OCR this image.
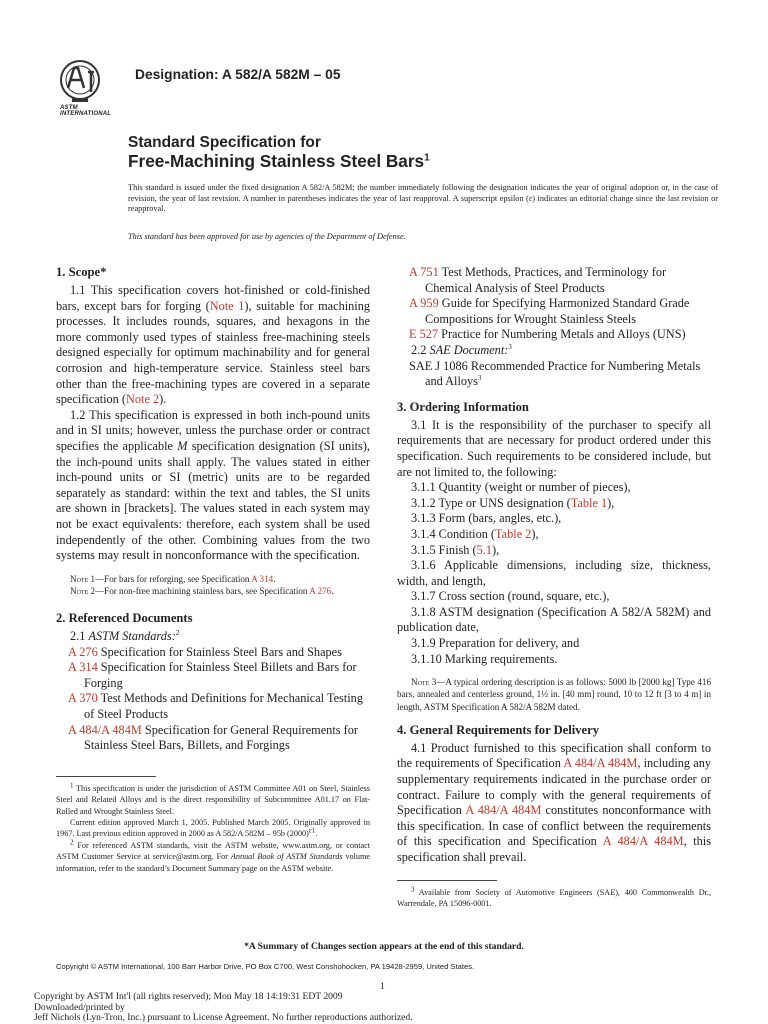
ASTM INTERNATIONAL
Designation: A 582/A 582M – 05
Standard Specification for
Free-Machining Stainless Steel Bars$^1$
This standard is issued under the fixed designation A 582/A 582M; the number immediately following the designation indicates the year of original adoption or, in the case of revision, the year of last revision. A number in parentheses indicates the year of last reapproval. A superscript epsilon (ε) indicates an editorial change since the last revision or reapproval.
This standard has been approved for use by agencies of the Department of Defense.
1. Scope*

1.1 This specification covers hot-finished or cold-finished bars, except bars for forging (Note 1), suitable for machining processes. It includes rounds, squares, and hexagons in the more commonly used types of stainless free-machining steels designed especially for optimum machinability and for general corrosion and high-temperature service. Stainless steel bars other than the free-machining types are covered in a separate specification (Note 2).

1.2 This specification is expressed in both inch-pound units and in SI units; however, unless the purchase order or contract specifies the applicable M specification designation (SI units), the inch-pound units shall apply. The values stated in either inch-pound units or SI (metric) units are to be regarded separately as standard: within the text and tables, the SI units are shown in [brackets]. The values stated in each system may not be exact equivalents: therefore, each system shall be used independently of the other. Combining values from the two systems may result in nonconformance with the specification.

Note 1—For bars for reforging, see Specification A 314.

Note 2—For non-free machining stainless bars, see Specification A 276.

2. Referenced Documents

2.1 ASTM Standards:$^2$

A 276 Specification for Stainless Steel Bars and Shapes

A 314 Specification for Stainless Steel Billets and Bars for Forging

A 370 Test Methods and Definitions for Mechanical Testing of Steel Products

A 484/A 484M Specification for General Requirements for Stainless Steel Bars, Billets, and Forgings

$^1$ This specification is under the jurisdiction of ASTM Committee A01 on Steel, Stainless Steel and Related Alloys and is the direct responsibility of Subcommittee A01.17 on Flat-Rolled and Wrought Stainless Steel.

Current edition approved March 1, 2005. Published March 2005. Originally approved in 1967. Last previous edition approved in 2000 as A 582/A 582M – 95b $(2000)^{\varepsilon 1}$.

$^2$ For referenced ASTM standards, visit the ASTM website, www.astm.org, or contact ASTM Customer Service at service@astm.org. For Annual Book of ASTM Standards volume information, refer to the standard’s Document Summary page on the ASTM website.

A 751 Test Methods, Practices, and Terminology for Chemical Analysis of Steel Products

A 959 Guide for Specifying Harmonized Standard Grade Compositions for Wrought Stainless Steels

E 527 Practice for Numbering Metals and Alloys (UNS)

2.2 SAE Document:$^3$

SAE J 1086 Recommended Practice for Numbering Metals and Alloys$^3$

3. Ordering Information

3.1 It is the responsibility of the purchaser to specify all requirements that are necessary for product ordered under this specification. Such requirements to be considered include, but are not limited to, the following:

3.1.1 Quantity (weight or number of pieces),

3.1.2 Type or UNS designation (Table 1),

3.1.3 Form (bars, angles, etc.),

3.1.4 Condition (Table 2),

3.1.5 Finish (5.1),

3.1.6 Applicable dimensions, including size, thickness, width, and length,

3.1.7 Cross section (round, square, etc.),

3.1.8 ASTM designation (Specification A 582/A 582M) and publication date,

3.1.9 Preparation for delivery, and

3.1.10 Marking requirements.

Note 3—A typical ordering description is as follows: 5000 lb [2000 kg] Type 416 bars, annealed and centerless ground, 1½ in. [40 mm] round, 10 to 12 ft [3 to 4 m] in length, ASTM Specification A 582/A 582M dated.

4. General Requirements for Delivery

4.1 Product furnished to this specification shall conform to the requirements of Specification A 484/A 484M, including any supplementary requirements indicated in the purchase order or contract. Failure to comply with the general requirements of Specification A 484/A 484M constitutes nonconformance with this specification. In case of conflict between the requirements of this specification and Specification A 484/A 484M, this specification shall prevail.

$^3$ Available from Society of Automotive Engineers (SAE), 400 Commonwealth Dr., Warrendale, PA 15096-0001.

*A Summary of Changes section appears at the end of this standard.
Copyright © ASTM International, 100 Barr Harbor Drive, PO Box C700, West Conshohocken, PA 19428-2959, United States.
1
Copyright by ASTM Int'l (all rights reserved); Mon May 18 14:19:31 EDT 2009
Downloaded/printed by
Jeff Nichols (Lyn-Tron, Inc.) pursuant to License Agreement. No further reproductions authorized.
